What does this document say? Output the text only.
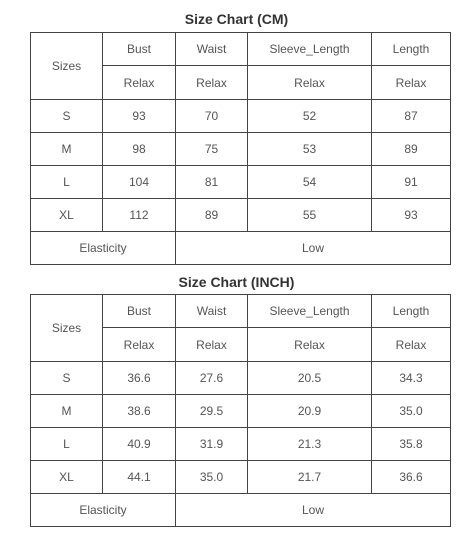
Size Chart (CM)
Sizes	Bust	Waist	Sleeve_Length	Length
	Relax	Relax	Relax	Relax
S	93	70	52	87
M	98	75	53	89
L	104	81	54	91
XL	112	89	55	93
Elasticity		Low		
Size Chart (INCH)
Sizes	Bust	Waist	Sleeve_Length	Length
	Relax	Relax	Relax	Relax
S	36.6	27.6	20.5	34.3
M	38.6	29.5	20.9	35.0
L	40.9	31.9	21.3	35.8
XL	44.1	35.0	21.7	36.6
Elasticity		Low		
